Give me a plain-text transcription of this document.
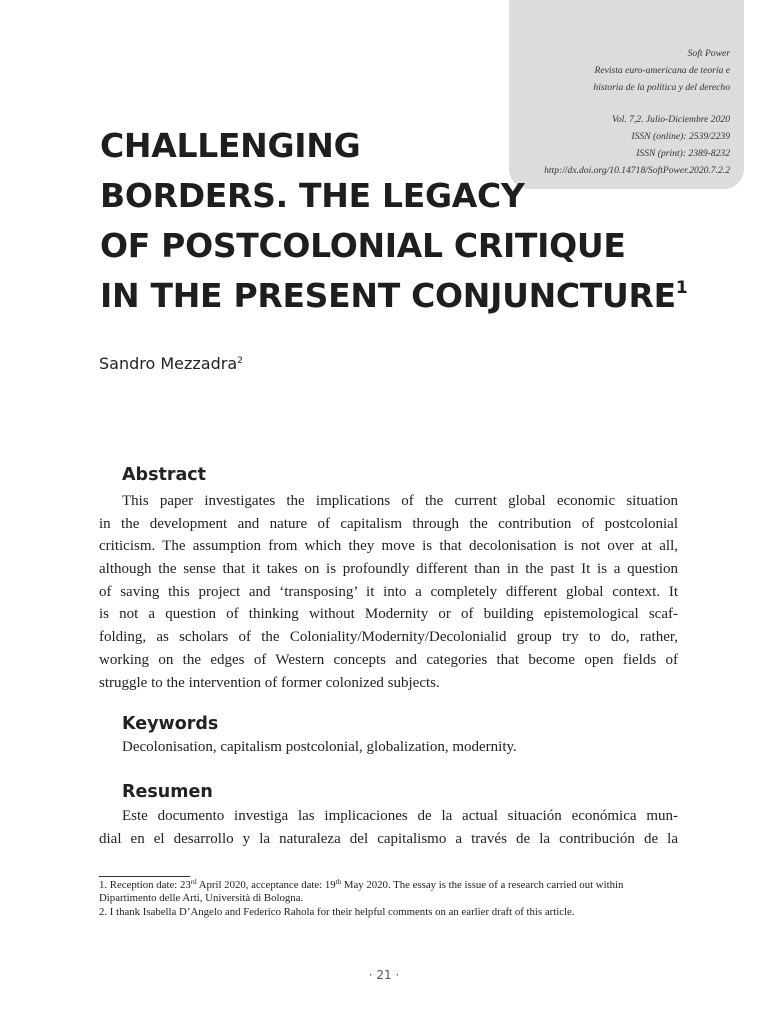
Soft Power
Revista euro-americana de teoría e
historia de la política y del derecho
Vol. 7,2. Julio-Diciembre 2020
ISSN (online): 2539/2239
ISSN (print): 2389-8232
http://dx.doi.org/10.14718/SoftPower.2020.7.2.2
CHALLENGING
BORDERS. THE LEGACY
OF POSTCOLONIAL CRITIQUE
IN THE PRESENT CONJUNCTURE$^1$
Sandro Mezzadra$^2$
Abstract
This paper investigates the implications of the current global economic situation
in the development and nature of capitalism through the contribution of postcolonial
criticism. The assumption from which they move is that decolonisation is not over at all,
although the sense that it takes on is profoundly different than in the past It is a question
of saving this project and ‘transposing’ it into a completely different global context. It
is not a question of thinking without Modernity or of building epistemological scaf-
folding, as scholars of the Coloniality/Modernity/Decolonialid group try to do, rather,
working on the edges of Western concepts and categories that become open fields of
struggle to the intervention of former colonized subjects.
Keywords
Decolonisation, capitalism postcolonial, globalization, modernity.
Resumen
Este documento investiga las implicaciones de la actual situación económica mun-
dial en el desarrollo y la naturaleza del capitalismo a través de la contribución de la
1. Reception date: 23rd April 2020, acceptance date: 19th May 2020. The essay is the issue of a research carried out within
Dipartimento delle Arti, Università di Bologna.
2. I thank Isabella D’Angelo and Federico Rahola for their helpful comments on an earlier draft of this article.
· 21 ·
